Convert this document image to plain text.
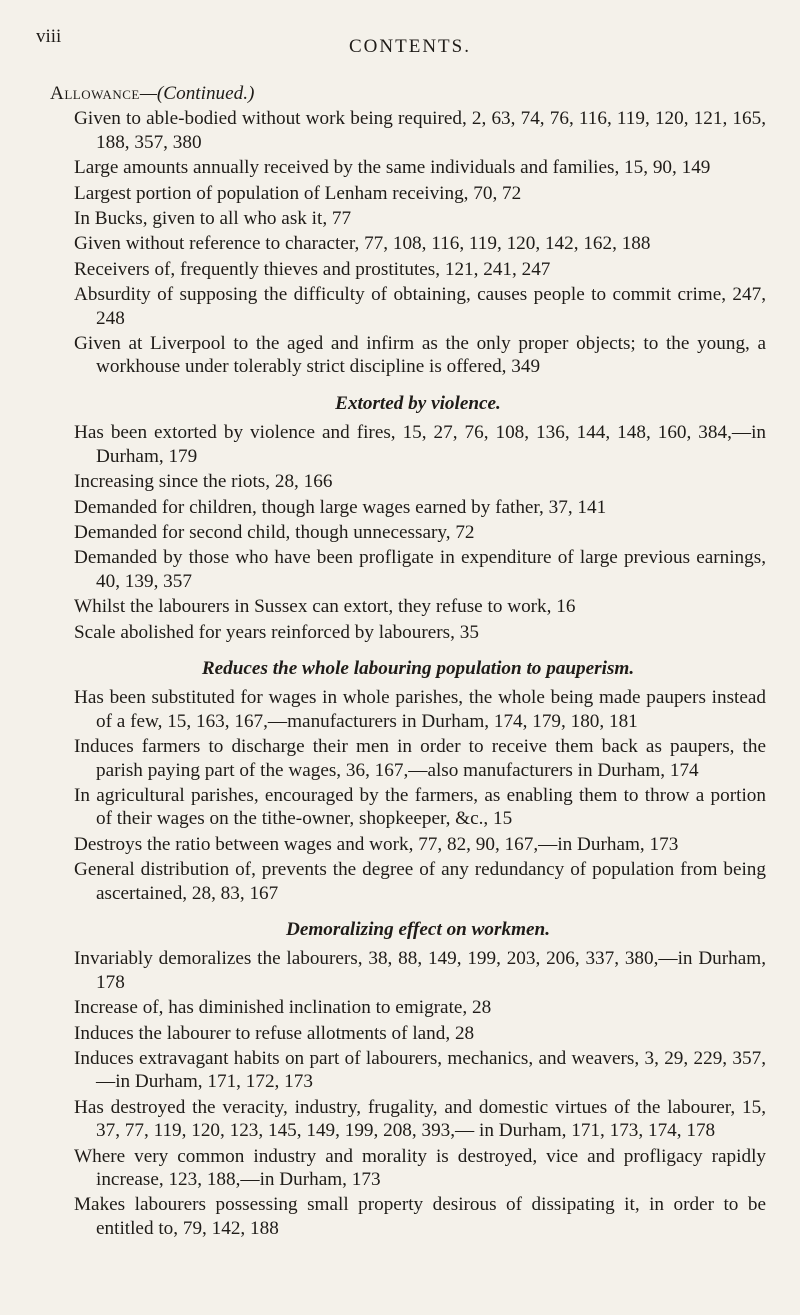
viii	CONTENTS.
Allowance—(Continued.)
Given to able-bodied without work being required, 2, 63, 74, 76, 116, 119, 120, 121, 165, 188, 357, 380
Large amounts annually received by the same individuals and families, 15, 90, 149
Largest portion of population of Lenham receiving, 70, 72
In Bucks, given to all who ask it, 77
Given without reference to character, 77, 108, 116, 119, 120, 142, 162, 188
Receivers of, frequently thieves and prostitutes, 121, 241, 247
Absurdity of supposing the difficulty of obtaining, causes people to commit crime, 247, 248
Given at Liverpool to the aged and infirm as the only proper objects; to the young, a workhouse under tolerably strict discipline is offered, 349
Extorted by violence.
Has been extorted by violence and fires, 15, 27, 76, 108, 136, 144, 148, 160, 384,—in Durham, 179
Increasing since the riots, 28, 166
Demanded for children, though large wages earned by father, 37, 141
Demanded for second child, though unnecessary, 72
Demanded by those who have been profligate in expenditure of large previous earnings, 40, 139, 357
Whilst the labourers in Sussex can extort, they refuse to work, 16
Scale abolished for years reinforced by labourers, 35
Reduces the whole labouring population to pauperism.
Has been substituted for wages in whole parishes, the whole being made paupers instead of a few, 15, 163, 167,—manufacturers in Durham, 174, 179, 180, 181
Induces farmers to discharge their men in order to receive them back as paupers, the parish paying part of the wages, 36, 167,—also manufacturers in Durham, 174
In agricultural parishes, encouraged by the farmers, as enabling them to throw a portion of their wages on the tithe-owner, shopkeeper, &c., 15
Destroys the ratio between wages and work, 77, 82, 90, 167,—in Durham, 173
General distribution of, prevents the degree of any redundancy of population from being ascertained, 28, 83, 167
Demoralizing effect on workmen.
Invariably demoralizes the labourers, 38, 88, 149, 199, 203, 206, 337, 380,—in Durham, 178
Increase of, has diminished inclination to emigrate, 28
Induces the labourer to refuse allotments of land, 28
Induces extravagant habits on part of labourers, mechanics, and weavers, 3, 29, 229, 357,—in Durham, 171, 172, 173
Has destroyed the veracity, industry, frugality, and domestic virtues of the labourer, 15, 37, 77, 119, 120, 123, 145, 149, 199, 208, 393,— in Durham, 171, 173, 174, 178
Where very common industry and morality is destroyed, vice and profligacy rapidly increase, 123, 188,—in Durham, 173
Makes labourers possessing small property desirous of dissipating it, in order to be entitled to, 79, 142, 188
